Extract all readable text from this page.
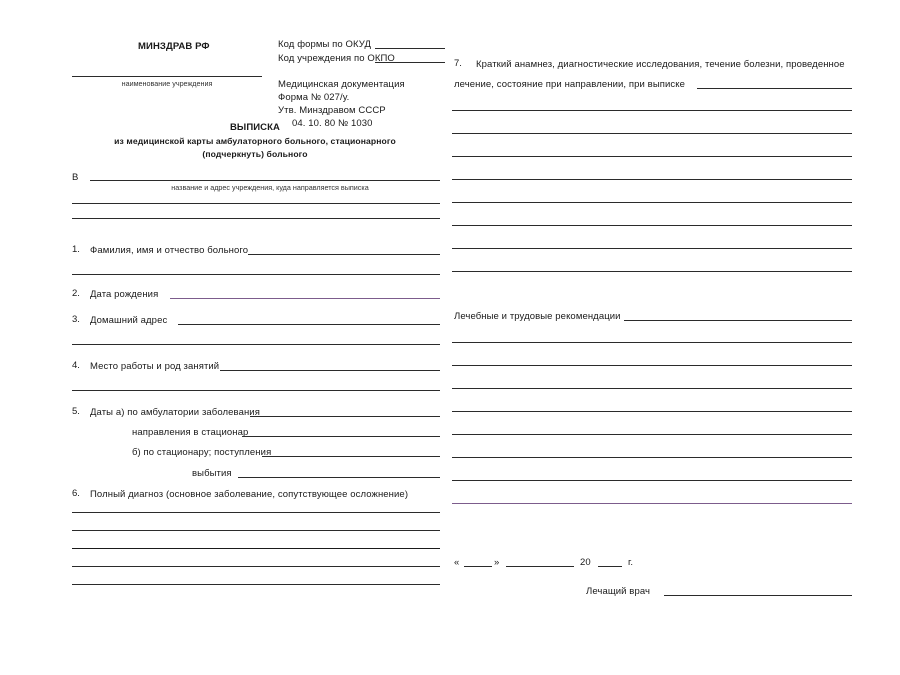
МИНЗДРАВ РФ
наименование учреждения
Код формы по ОКУД
Код учреждения по ОКПО
Медицинская документация
Форма № 027/у.
Утв. Минздравом СССР
04. 10. 80 № 1030
ВЫПИСКА
из медицинской карты амбулаторного больного, стационарного
(подчеркнуть) больного
В
название и адрес учреждения, куда направляется выписка
1. Фамилия, имя и отчество больного
2. Дата рождения
3. Домашний адрес
4. Место работы и род занятий
5. Даты а) по амбулатории заболевания
направления в стационар
б) по стационару; поступления
выбытия
6. Полный диагноз (основное заболевание, сопутствующее осложнение)
7. Краткий анамнез, диагностические исследования, течение болезни, проведенное
лечение, состояние при направлении, при выписке
Лечебные и трудовые рекомендации
«	»	20	г.
Лечащий врач
